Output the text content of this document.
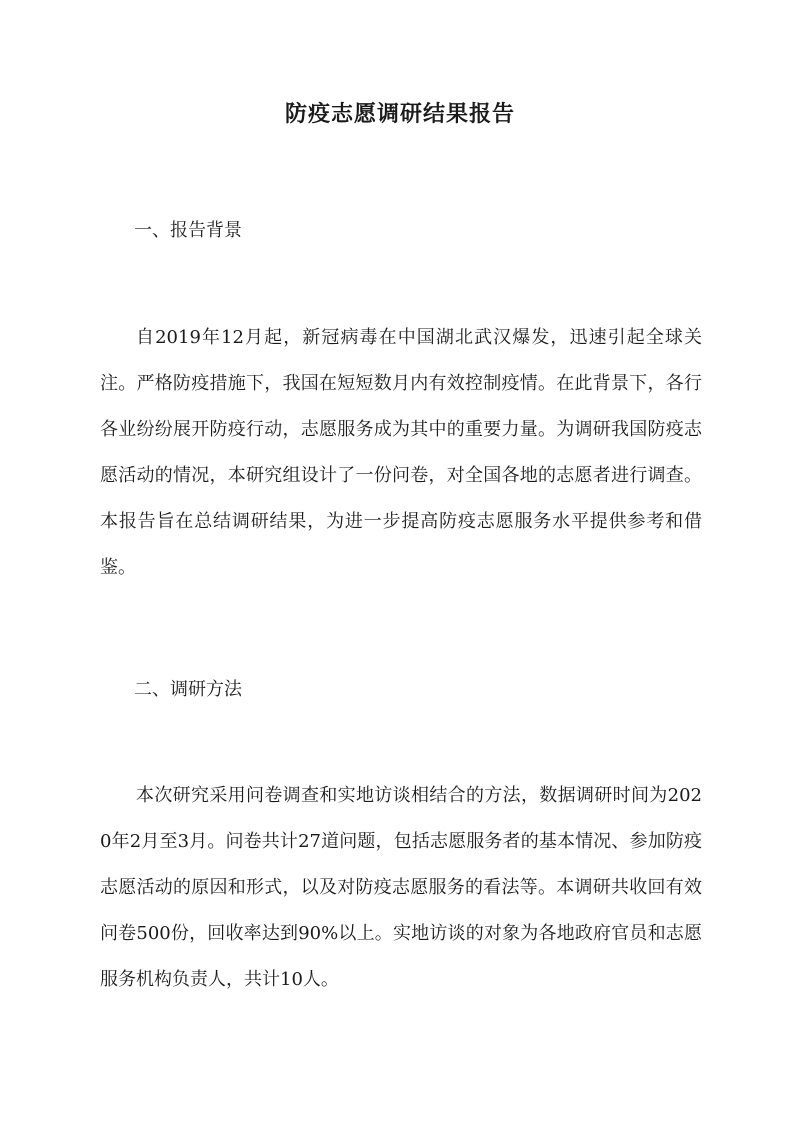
防疫志愿调研结果报告
一、报告背景

自2019年12月起，新冠病毒在中国湖北武汉爆发，迅速引起全球关注。严格防疫措施下，我国在短短数月内有效控制疫情。在此背景下，各行各业纷纷展开防疫行动，志愿服务成为其中的重要力量。为调研我国防疫志愿活动的情况，本研究组设计了一份问卷，对全国各地的志愿者进行调查。本报告旨在总结调研结果，为进一步提高防疫志愿服务水平提供参考和借鉴。

二、调研方法

本次研究采用问卷调查和实地访谈相结合的方法，数据调研时间为2020年2月至3月。问卷共计27道问题，包括志愿服务者的基本情况、参加防疫志愿活动的原因和形式，以及对防疫志愿服务的看法等。本调研共收回有效问卷500份，回收率达到90%以上。实地访谈的对象为各地政府官员和志愿服务机构负责人，共计10人。
